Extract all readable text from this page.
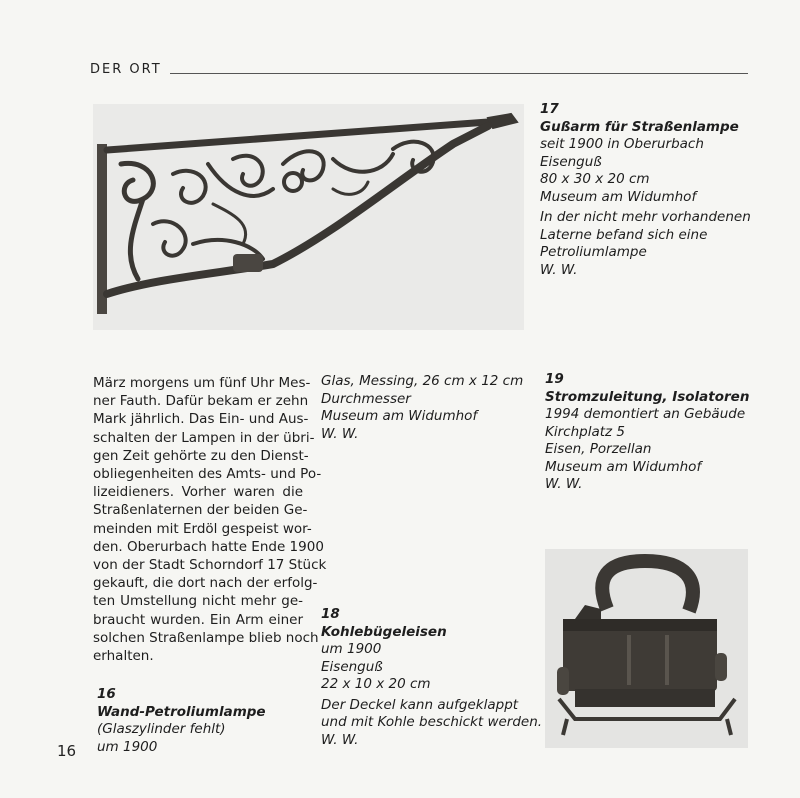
DER ORT
17
Gußarm für Straßenlampe
seit 1900 in Oberurbach
Eisenguß
80 x 30 x 20 cm
Museum am Widumhof
In der nicht mehr vorhandenen
Laterne befand sich eine
Petroliumlampe
W. W.
März morgens um fünf Uhr Mes-
ner Fauth. Dafür bekam er zehn
Mark jährlich. Das Ein- und Aus-
schalten der Lampen in der übri-
gen Zeit gehörte zu den Dienst-
obliegenheiten des Amts- und Po-
lizeidieners. Vorher waren die
Straßenlaternen der beiden Ge-
meinden mit Erdöl gespeist wor-
den. Oberurbach hatte Ende 1900
von der Stadt Schorndorf 17 Stück
gekauft, die dort nach der erfolg-
ten Umstellung nicht mehr ge-
braucht wurden. Ein Arm einer
solchen Straßenlampe blieb noch
erhalten.
16
Wand-Petroliumlampe
(Glaszylinder fehlt)
um 1900
Glas, Messing, 26 cm x 12 cm
Durchmesser
Museum am Widumhof
W. W.
18
Kohlebügeleisen
um 1900
Eisenguß
22 x 10 x 20 cm
Der Deckel kann aufgeklappt
und mit Kohle beschickt werden.
W. W.
19
Stromzuleitung, Isolatoren
1994 demontiert an Gebäude
Kirchplatz 5
Eisen, Porzellan
Museum am Widumhof
W. W.
16
